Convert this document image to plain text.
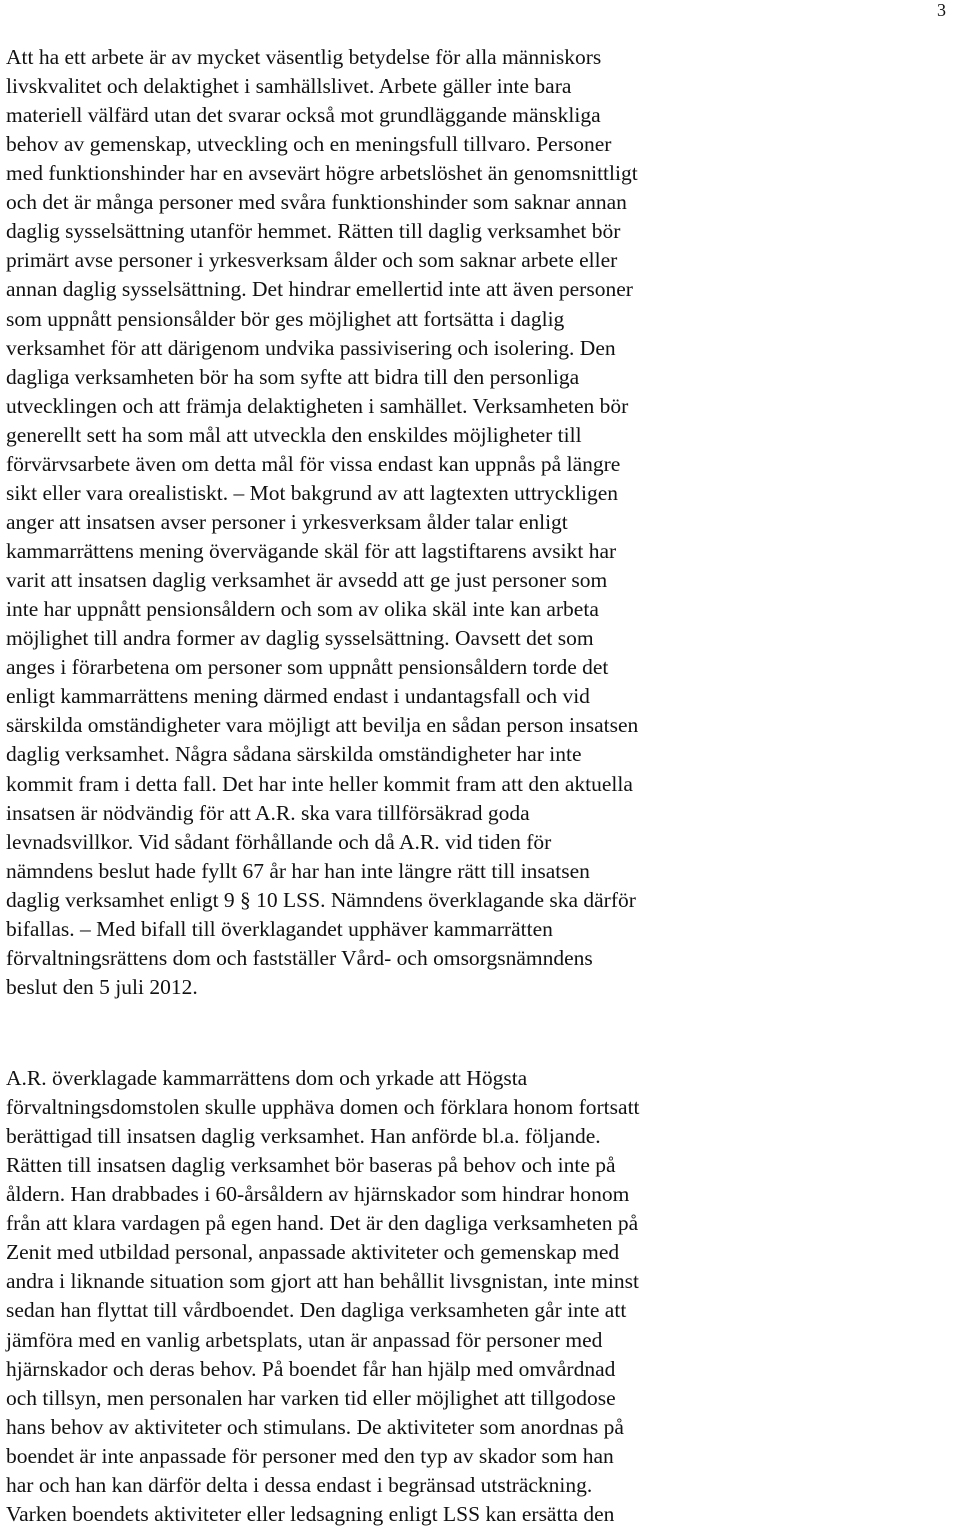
3
Att ha ett arbete är av mycket väsentlig betydelse för alla människors
livskvalitet och delaktighet i samhällslivet. Arbete gäller inte bara
materiell välfärd utan det svarar också mot grundläggande mänskliga
behov av gemenskap, utveckling och en meningsfull tillvaro. Personer
med funktionshinder har en avsevärt högre arbetslöshet än genomsnittligt
och det är många personer med svåra funktionshinder som saknar annan
daglig sysselsättning utanför hemmet. Rätten till daglig verksamhet bör
primärt avse personer i yrkesverksam ålder och som saknar arbete eller
annan daglig sysselsättning. Det hindrar emellertid inte att även personer
som uppnått pensionsålder bör ges möjlighet att fortsätta i daglig
verksamhet för att därigenom undvika passivisering och isolering. Den
dagliga verksamheten bör ha som syfte att bidra till den personliga
utvecklingen och att främja delaktigheten i samhället. Verksamheten bör
generellt sett ha som mål att utveckla den enskildes möjligheter till
förvärvsarbete även om detta mål för vissa endast kan uppnås på längre
sikt eller vara orealistiskt. – Mot bakgrund av att lagtexten uttryckligen
anger att insatsen avser personer i yrkesverksam ålder talar enligt
kammarrättens mening övervägande skäl för att lagstiftarens avsikt har
varit att insatsen daglig verksamhet är avsedd att ge just personer som
inte har uppnått pensionsåldern och som av olika skäl inte kan arbeta
möjlighet till andra former av daglig sysselsättning. Oavsett det som
anges i förarbetena om personer som uppnått pensionsåldern torde det
enligt kammarrättens mening därmed endast i undantagsfall och vid
särskilda omständigheter vara möjligt att bevilja en sådan person insatsen
daglig verksamhet. Några sådana särskilda omständigheter har inte
kommit fram i detta fall. Det har inte heller kommit fram att den aktuella
insatsen är nödvändig för att A.R. ska vara tillförsäkrad goda
levnadsvillkor. Vid sådant förhållande och då A.R. vid tiden för
nämndens beslut hade fyllt 67 år har han inte längre rätt till insatsen
daglig verksamhet enligt 9 § 10 LSS. Nämndens överklagande ska därför
bifallas. – Med bifall till överklagandet upphäver kammarrätten
förvaltningsrättens dom och fastställer Vård- och omsorgsnämndens
beslut den 5 juli 2012.
A.R. överklagade kammarrättens dom och yrkade att Högsta
förvaltningsdomstolen skulle upphäva domen och förklara honom fortsatt
berättigad till insatsen daglig verksamhet. Han anförde bl.a. följande.
Rätten till insatsen daglig verksamhet bör baseras på behov och inte på
åldern. Han drabbades i 60-årsåldern av hjärnskador som hindrar honom
från att klara vardagen på egen hand. Det är den dagliga verksamheten på
Zenit med utbildad personal, anpassade aktiviteter och gemenskap med
andra i liknande situation som gjort att han behållit livsgnistan, inte minst
sedan han flyttat till vårdboendet. Den dagliga verksamheten går inte att
jämföra med en vanlig arbetsplats, utan är anpassad för personer med
hjärnskador och deras behov. På boendet får han hjälp med omvårdnad
och tillsyn, men personalen har varken tid eller möjlighet att tillgodose
hans behov av aktiviteter och stimulans. De aktiviteter som anordnas på
boendet är inte anpassade för personer med den typ av skador som han
har och han kan därför delta i dessa endast i begränsad utsträckning.
Varken boendets aktiviteter eller ledsagning enligt LSS kan ersätta den
